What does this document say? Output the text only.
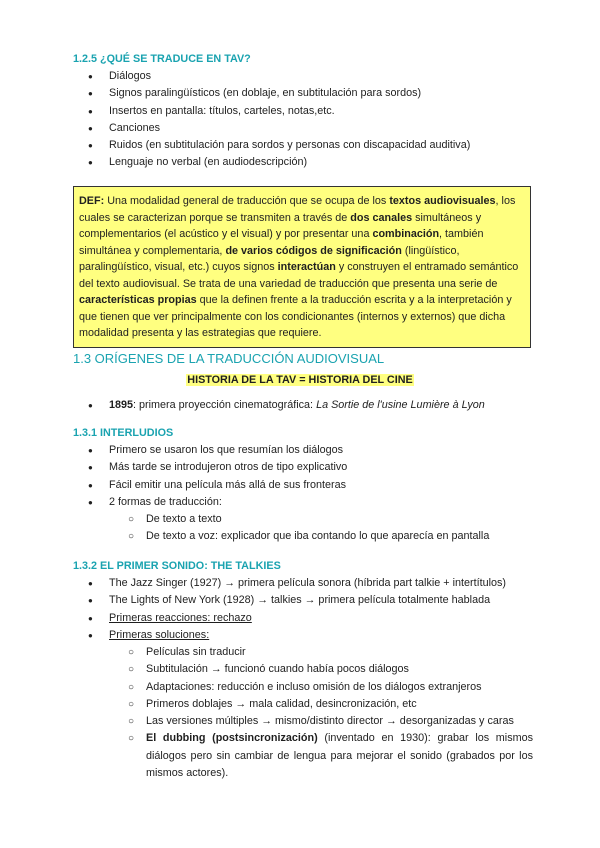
1.2.5 ¿QUÉ SE TRADUCE EN TAV?
● Diálogos
● Signos paralingüísticos (en doblaje, en subtitulación para sordos)
● Insertos en pantalla: títulos, carteles, notas,etc.
● Canciones
● Ruidos (en subtitulación para sordos y personas con discapacidad auditiva)
● Lenguaje no verbal (en audiodescripción)
DEF: Una modalidad general de traducción que se ocupa de los textos audiovisuales, los cuales se caracterizan porque se transmiten a través de dos canales simultáneos y complementarios (el acústico y el visual) y por presentar una combinación, también simultánea y complementaria, de varios códigos de significación (lingüístico, paralingüístico, visual, etc.) cuyos signos interactúan y construyen el entramado semántico del texto audiovisual. Se trata de una variedad de traducción que presenta una serie de características propias que la definen frente a la traducción escrita y a la interpretación y que tienen que ver principalmente con los condicionantes (internos y externos) que dicha modalidad presenta y las estrategias que requiere.
1.3 ORÍGENES DE LA TRADUCCIÓN AUDIOVISUAL
HISTORIA DE LA TAV = HISTORIA DEL CINE
● 1895: primera proyección cinematográfica: La Sortie de l'usine Lumière à Lyon
1.3.1 INTERLUDIOS
● Primero se usaron los que resumían los diálogos
● Más tarde se introdujeron otros de tipo explicativo
● Fácil emitir una película más allá de sus fronteras
● 2 formas de traducción:
○ De texto a texto
○ De texto a voz: explicador que iba contando lo que aparecía en pantalla
1.3.2 EL PRIMER SONIDO: THE TALKIES
● The Jazz Singer (1927) → primera película sonora (híbrida part talkie + intertítulos)
● The Lights of New York (1928) → talkies → primera película totalmente hablada
● Primeras reacciones: rechazo
● Primeras soluciones:
○ Películas sin traducir
○ Subtitulación → funcionó cuando había pocos diálogos
○ Adaptaciones: reducción e incluso omisión de los diálogos extranjeros
○ Primeros doblajes → mala calidad, desincronización, etc
○ Las versiones múltiples → mismo/distinto director → desorganizadas y caras
○ El dubbing (postsincronización) (inventado en 1930): grabar los mismos diálogos pero sin cambiar de lengua para mejorar el sonido (grabados por los mismos actores).
